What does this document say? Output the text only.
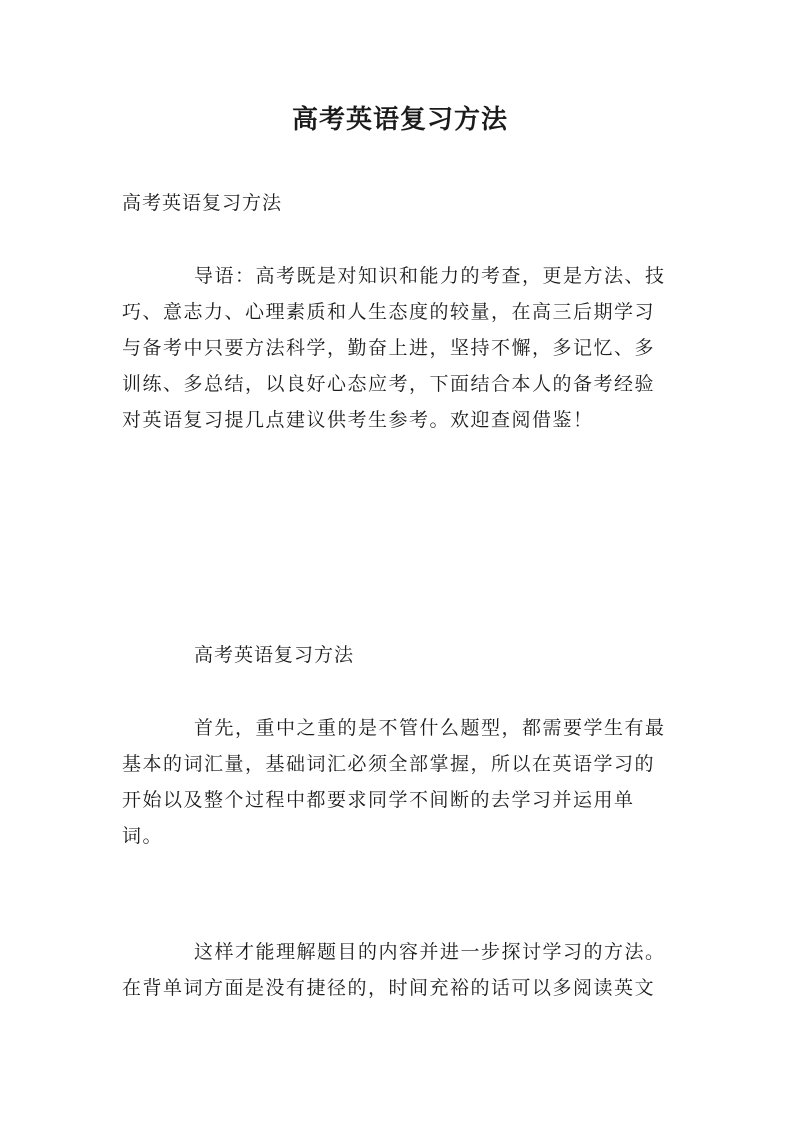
高考英语复习方法

高考英语复习方法

导语：高考既是对知识和能力的考查，更是方法、技
巧、意志力、心理素质和人生态度的较量，在高三后期学习
与备考中只要方法科学，勤奋上进，坚持不懈，多记忆、多
训练、多总结，以良好心态应考，下面结合本人的备考经验
对英语复习提几点建议供考生参考。欢迎查阅借鉴！

高考英语复习方法

首先，重中之重的是不管什么题型，都需要学生有最
基本的词汇量，基础词汇必须全部掌握，所以在英语学习的
开始以及整个过程中都要求同学不间断的去学习并运用单
词。
这样才能理解题目的内容并进一步探讨学习的方法。
在背单词方面是没有捷径的，时间充裕的话可以多阅读英文
